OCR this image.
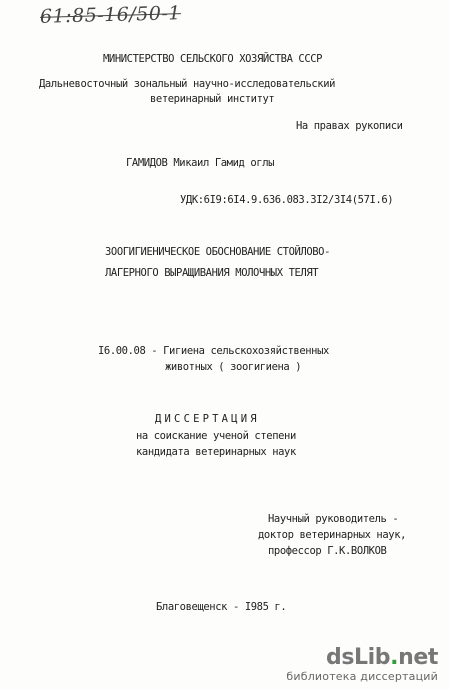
61:85-16/50-1
МИНИСТЕРСТВО СЕЛЬСКОГО ХОЗЯЙСТВА СССР
Дальневосточный зональный научно-исследовательский
ветеринарный институт
На правах рукописи
ГАМИДОВ Микаил Гамид оглы
УДК:6I9:6I4.9.636.083.3I2/3I4(57I.6)
ЗООГИГИЕНИЧЕСКОЕ ОБОСНОВАНИЕ СТОЙЛОВО-
ЛАГЕРНОГО ВЫРАЩИВАНИЯ МОЛОЧНЫХ ТЕЛЯТ
I6.00.08 - Гигиена сельскохозяйственных
животных ( зоогигиена )
ДИССЕРТАЦИЯ
на соискание ученой степени
кандидата ветеринарных наук
Научный руководитель -
доктор ветеринарных наук,
профессор Г.К.ВОЛКОВ
Благовещенск - I985 г.
dsLib.net
библиотека диссертаций
